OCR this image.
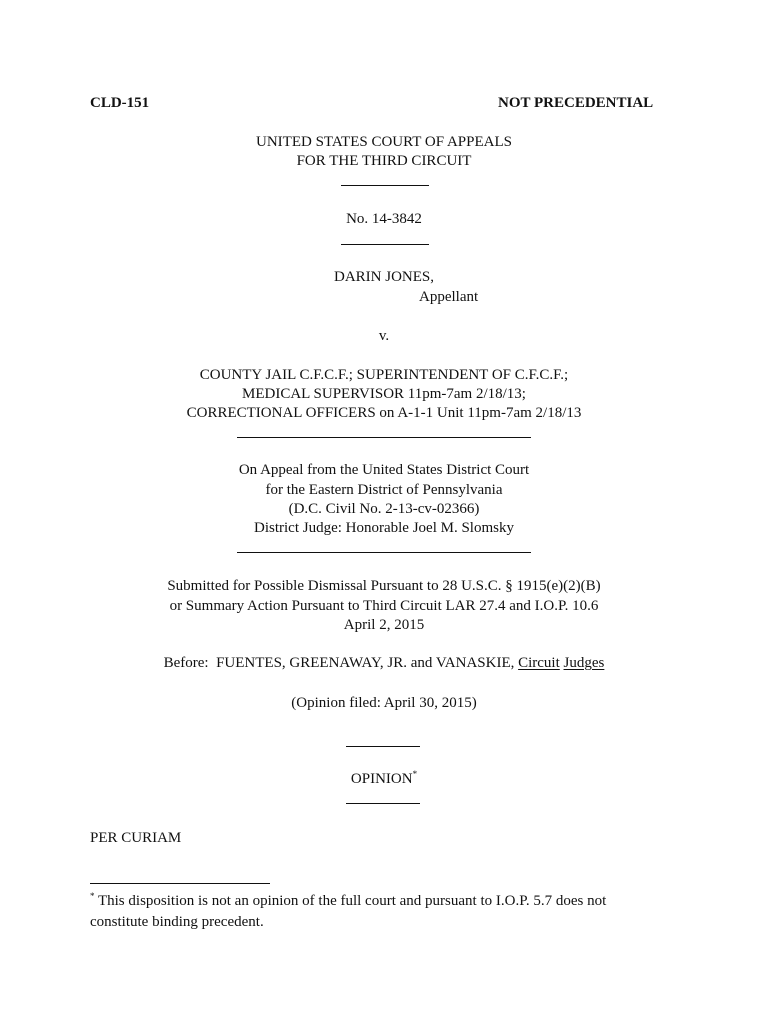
CLD-151	NOT PRECEDENTIAL
UNITED STATES COURT OF APPEALS
FOR THE THIRD CIRCUIT
No. 14-3842
DARIN JONES,
Appellant
v.
COUNTY JAIL C.F.C.F.; SUPERINTENDENT OF C.F.C.F.;
MEDICAL SUPERVISOR 11pm-7am 2/18/13;
CORRECTIONAL OFFICERS on A-1-1 Unit 11pm-7am 2/18/13
On Appeal from the United States District Court
for the Eastern District of Pennsylvania
(D.C. Civil No. 2-13-cv-02366)
District Judge: Honorable Joel M. Slomsky
Submitted for Possible Dismissal Pursuant to 28 U.S.C. § 1915(e)(2)(B)
or Summary Action Pursuant to Third Circuit LAR 27.4 and I.O.P. 10.6
April 2, 2015
Before:  FUENTES, GREENAWAY, JR. and VANASKIE, Circuit Judges
(Opinion filed: April 30, 2015)
OPINION*
PER CURIAM
* This disposition is not an opinion of the full court and pursuant to I.O.P. 5.7 does not
constitute binding precedent.
